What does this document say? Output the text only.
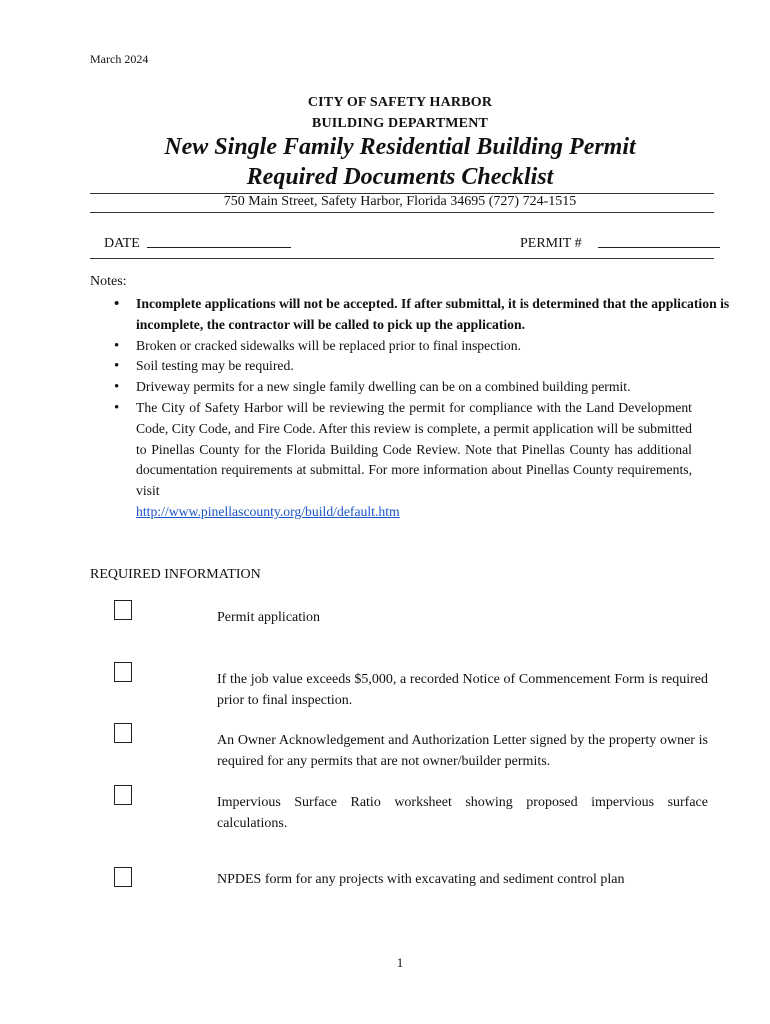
March 2024
CITY OF SAFETY HARBOR
BUILDING DEPARTMENT
New Single Family Residential Building Permit
Required Documents Checklist
750 Main Street, Safety Harbor, Florida 34695 (727) 724-1515
DATE	PERMIT #
Notes:
• Incomplete applications will not be accepted. If after submittal, it is determined that the application is incomplete, the contractor will be called to pick up the application.
• Broken or cracked sidewalks will be replaced prior to final inspection.
• Soil testing may be required.
• Driveway permits for a new single family dwelling can be on a combined building permit.
• The City of Safety Harbor will be reviewing the permit for compliance with the Land Development Code, City Code, and Fire Code. After this review is complete, a permit application will be submitted to Pinellas County for the Florida Building Code Review. Note that Pinellas County has additional documentation requirements at submittal. For more information about Pinellas County requirements, visit
http://www.pinellascounty.org/build/default.htm
REQUIRED INFORMATION
Permit application
If the job value exceeds $5,000, a recorded Notice of Commencement Form is required prior to final inspection.
An Owner Acknowledgement and Authorization Letter signed by the property owner is required for any permits that are not owner/builder permits.
Impervious Surface Ratio worksheet showing proposed impervious surface calculations.
NPDES form for any projects with excavating and sediment control plan
1
